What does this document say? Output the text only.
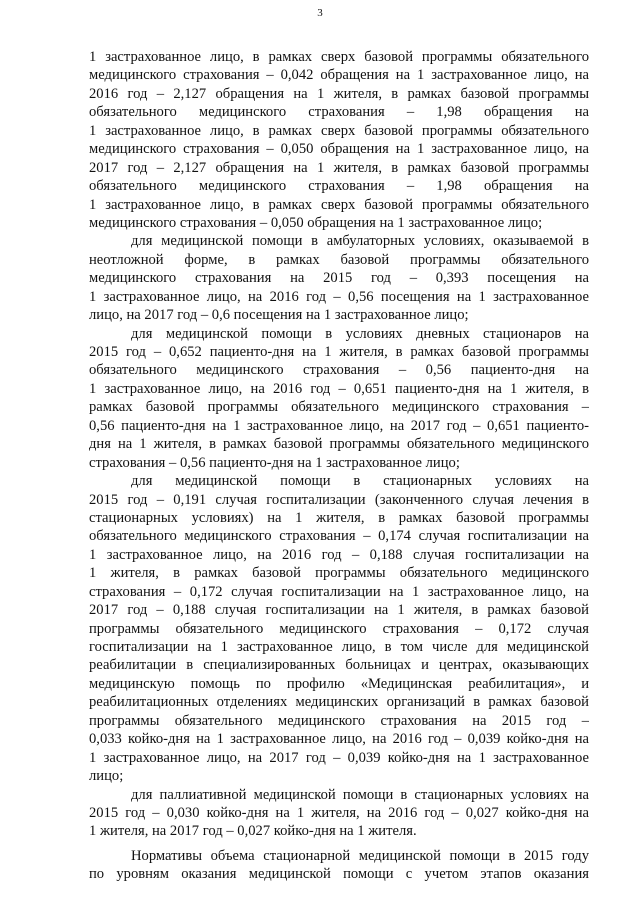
3
1 застрахованное лицо, в рамках сверх базовой программы обязательного
медицинского страхования – 0,042 обращения на 1 застрахованное лицо, на
2016 год – 2,127 обращения на 1 жителя, в рамках базовой программы
обязательного медицинского страхования – 1,98 обращения на
1 застрахованное лицо, в рамках сверх базовой программы обязательного
медицинского страхования – 0,050 обращения на 1 застрахованное лицо, на
2017 год – 2,127 обращения на 1 жителя, в рамках базовой программы
обязательного медицинского страхования – 1,98 обращения на
1 застрахованное лицо, в рамках сверх базовой программы обязательного
медицинского страхования – 0,050 обращения на 1 застрахованное лицо;
для медицинской помощи в амбулаторных условиях, оказываемой в
неотложной форме, в рамках базовой программы обязательного
медицинского страхования на 2015 год – 0,393 посещения на
1 застрахованное лицо, на 2016 год – 0,56 посещения на 1 застрахованное
лицо, на 2017 год – 0,6 посещения на 1 застрахованное лицо;
для медицинской помощи в условиях дневных стационаров на
2015 год – 0,652 пациенто-дня на 1 жителя, в рамках базовой программы
обязательного медицинского страхования – 0,56 пациенто-дня на
1 застрахованное лицо, на 2016 год – 0,651 пациенто-дня на 1 жителя, в
рамках базовой программы обязательного медицинского страхования –
0,56 пациенто-дня на 1 застрахованное лицо, на 2017 год – 0,651 пациенто-
дня на 1 жителя, в рамках базовой программы обязательного медицинского
страхования – 0,56 пациенто-дня на 1 застрахованное лицо;
для медицинской помощи в стационарных условиях на
2015 год – 0,191 случая госпитализации (законченного случая лечения в
стационарных условиях) на 1 жителя, в рамках базовой программы
обязательного медицинского страхования – 0,174 случая госпитализации на
1 застрахованное лицо, на 2016 год – 0,188 случая госпитализации на
1 жителя, в рамках базовой программы обязательного медицинского
страхования – 0,172 случая госпитализации на 1 застрахованное лицо, на
2017 год – 0,188 случая госпитализации на 1 жителя, в рамках базовой
программы обязательного медицинского страхования – 0,172 случая
госпитализации на 1 застрахованное лицо, в том числе для медицинской
реабилитации в специализированных больницах и центрах, оказывающих
медицинскую помощь по профилю «Медицинская реабилитация», и
реабилитационных отделениях медицинских организаций в рамках базовой
программы обязательного медицинского страхования на 2015 год –
0,033 койко-дня на 1 застрахованное лицо, на 2016 год – 0,039 койко-дня на
1 застрахованное лицо, на 2017 год – 0,039 койко-дня на 1 застрахованное
лицо;
для паллиативной медицинской помощи в стационарных условиях на
2015 год – 0,030 койко-дня на 1 жителя, на 2016 год – 0,027 койко-дня на
1 жителя, на 2017 год – 0,027 койко-дня на 1 жителя.
Нормативы объема стационарной медицинской помощи в 2015 году
по уровням оказания медицинской помощи с учетом этапов оказания
